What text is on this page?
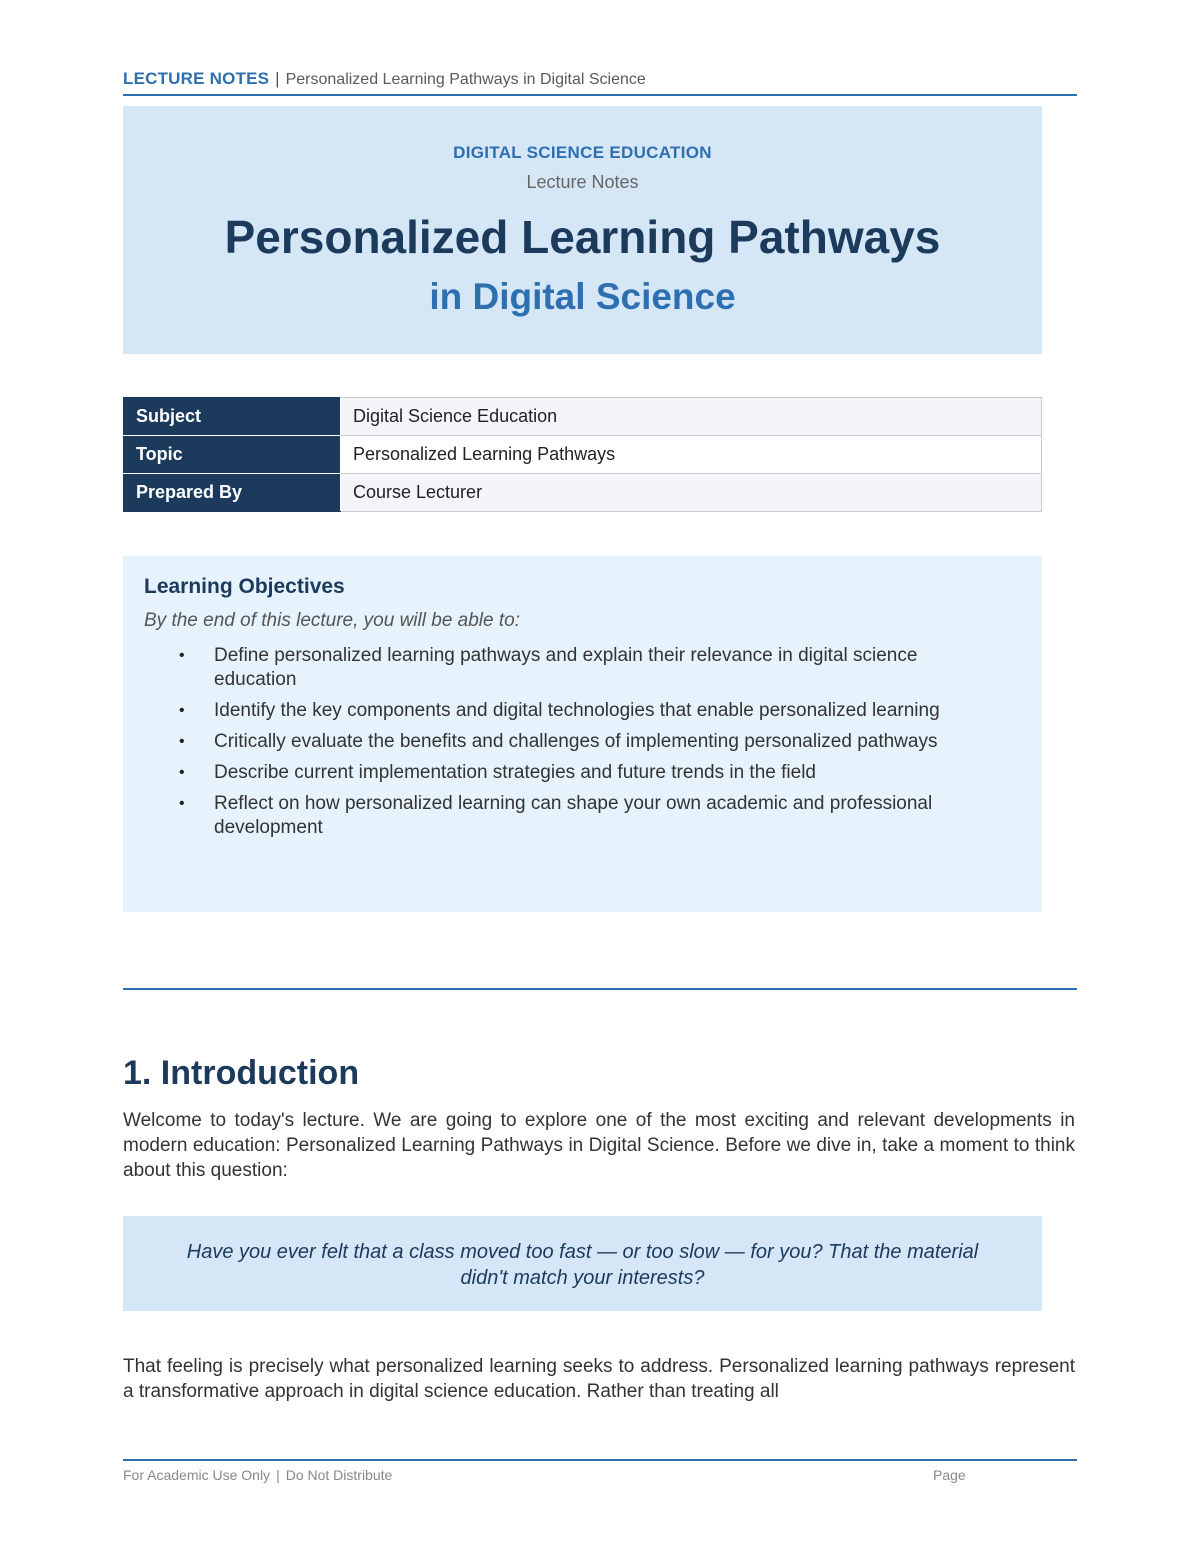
LECTURE NOTES | Personalized Learning Pathways in Digital Science
DIGITAL SCIENCE EDUCATION
Lecture Notes
Personalized Learning Pathways
in Digital Science
Subject	Digital Science Education
Topic	Personalized Learning Pathways
Prepared By	Course Lecturer
Learning Objectives
By the end of this lecture, you will be able to:
• Define personalized learning pathways and explain their relevance in digital science education
• Identify the key components and digital technologies that enable personalized learning
• Critically evaluate the benefits and challenges of implementing personalized pathways
• Describe current implementation strategies and future trends in the field
• Reflect on how personalized learning can shape your own academic and professional development
1. Introduction

Welcome to today's lecture. We are going to explore one of the most exciting and relevant developments in modern education: Personalized Learning Pathways in Digital Science. Before we dive in, take a moment to think about this question:

Have you ever felt that a class moved too fast — or too slow — for you? That the material didn't match your interests?

That feeling is precisely what personalized learning seeks to address. Personalized learning pathways represent a transformative approach in digital science education. Rather than treating all

For Academic Use Only | Do Not Distribute	Page
